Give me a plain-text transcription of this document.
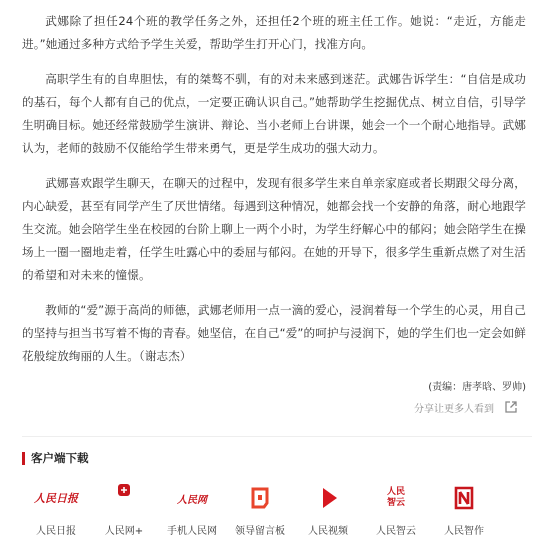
武娜除了担任24个班的教学任务之外，还担任2个班的班主任工作。她说：“走近，方能走进。”她通过多种方式给予学生关爱，帮助学生打开心门，找准方向。

高职学生有的自卑胆怯，有的桀骜不驯，有的对未来感到迷茫。武娜告诉学生：“自信是成功的基石，每个人都有自己的优点，一定要正确认识自己。”她帮助学生挖掘优点、树立自信，引导学生明确目标。她还经常鼓励学生演讲、辩论、当小老师上台讲课，她会一个一个耐心地指导。武娜认为，老师的鼓励不仅能给学生带来勇气，更是学生成功的强大动力。

武娜喜欢跟学生聊天，在聊天的过程中，发现有很多学生来自单亲家庭或者长期跟父母分离，内心缺爱，甚至有同学产生了厌世情绪。每遇到这种情况，她都会找一个安静的角落，耐心地跟学生交流。她会陪学生坐在校园的台阶上聊上一两个小时，为学生纾解心中的郁闷；她会陪学生在操场上一圈一圈地走着，任学生吐露心中的委屈与郁闷。在她的开导下，很多学生重新点燃了对生活的希望和对未来的憧憬。

教师的“爱”源于高尚的师德，武娜老师用一点一滴的爱心，浸润着每一个学生的心灵，用自己的坚持与担当书写着不悔的青春。她坚信，在自己“爱”的呵护与浸润下，她的学生们也一定会如鲜花般绽放绚丽的人生。（谢志杰）

(责编：唐孝晗、罗帅)
分享让更多人看到
客户端下载
人民日报
人民日报	人民网+
人民网
手机人民网 领导留言板 人民视频
人民 智云
人民智云	人民智作
